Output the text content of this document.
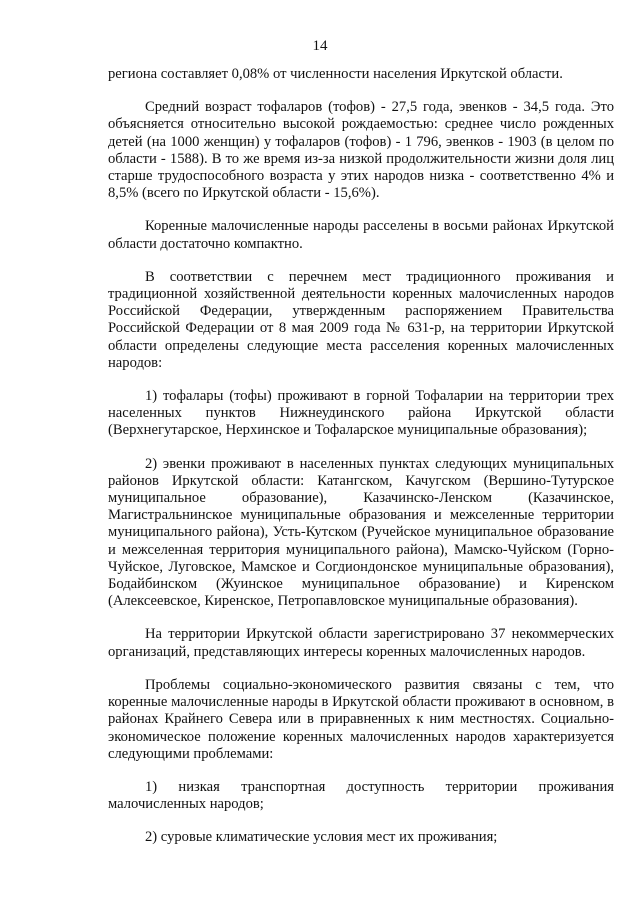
14

региона составляет 0,08% от численности населения Иркутской области.

Средний возраст тофаларов (тофов) - 27,5 года, эвенков - 34,5 года. Это объясняется относительно высокой рождаемостью: среднее число рожденных детей (на 1000 женщин) у тофаларов (тофов) - 1 796, эвенков - 1903 (в целом по области - 1588). В то же время из-за низкой продолжительности жизни доля лиц старше трудоспособного возраста у этих народов низка - соответственно 4% и 8,5% (всего по Иркутской области - 15,6%).

Коренные малочисленные народы расселены в восьми районах Иркутской области достаточно компактно.

В соответствии с перечнем мест традиционного проживания и традиционной хозяйственной деятельности коренных малочисленных народов Российской Федерации, утвержденным распоряжением Правительства Российской Федерации от 8 мая 2009 года № 631-р, на территории Иркутской области определены следующие места расселения коренных малочисленных народов:

1) тофалары (тофы) проживают в горной Тофаларии на территории трех населенных пунктов Нижнеудинского района Иркутской области (Верхнегутарское, Нерхинское и Тофаларское муниципальные образования);

2) эвенки проживают в населенных пунктах следующих муниципальных районов Иркутской области: Катангском, Качугском (Вершино-Тутурское муниципальное образование), Казачинско-Ленском (Казачинское, Магистральнинское муниципальные образования и межселенные территории муниципального района), Усть-Кутском (Ручейское муниципальное образование и межселенная территория муниципального района), Мамско-Чуйском (Горно-Чуйское, Луговское, Мамское и Согдиондонское муниципальные образования), Бодайбинском (Жуинское муниципальное образование) и Киренском (Алексеевское, Киренское, Петропавловское муниципальные образования).

На территории Иркутской области зарегистрировано 37 некоммерческих организаций, представляющих интересы коренных малочисленных народов.

Проблемы социально-экономического развития связаны с тем, что коренные малочисленные народы в Иркутской области проживают в основном, в районах Крайнего Севера или в приравненных к ним местностях. Социально-экономическое положение коренных малочисленных народов характеризуется следующими проблемами:

1) низкая транспортная доступность территории проживания малочисленных народов;

2) суровые климатические условия мест их проживания;
